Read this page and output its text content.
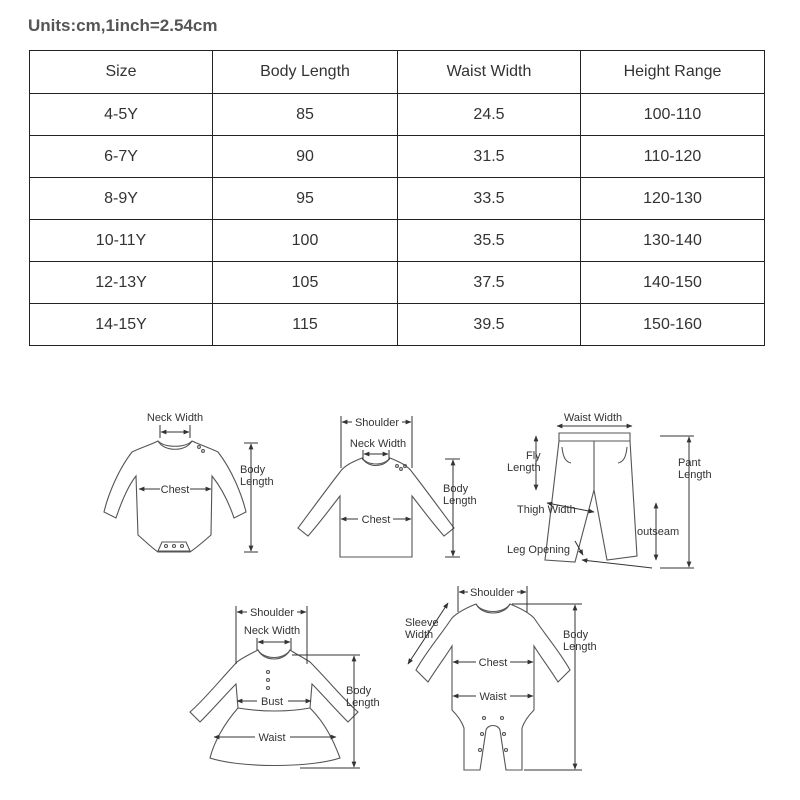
Units:cm,1inch=2.54cm
Size	Body Length	Waist Width	Height Range
4-5Y	85	24.5	100-110
6-7Y	90	31.5	110-120
8-9Y	95	33.5	120-130
10-11Y	100	35.5	130-140
12-13Y	105	37.5	140-150
14-15Y	115	39.5	150-160
Neck Width
Chest
Body
Length
Shoulder
Neck Width
Chest
Body
Length
Waist Width
Fly
Length	Pant
Length
Thigh Width
outseam
Leg Opening
Shoulder
Neck Width
Bust
Waist
Body
Length
Shoulder
Sleeve
Width
Chest
Waist
Body
Length
